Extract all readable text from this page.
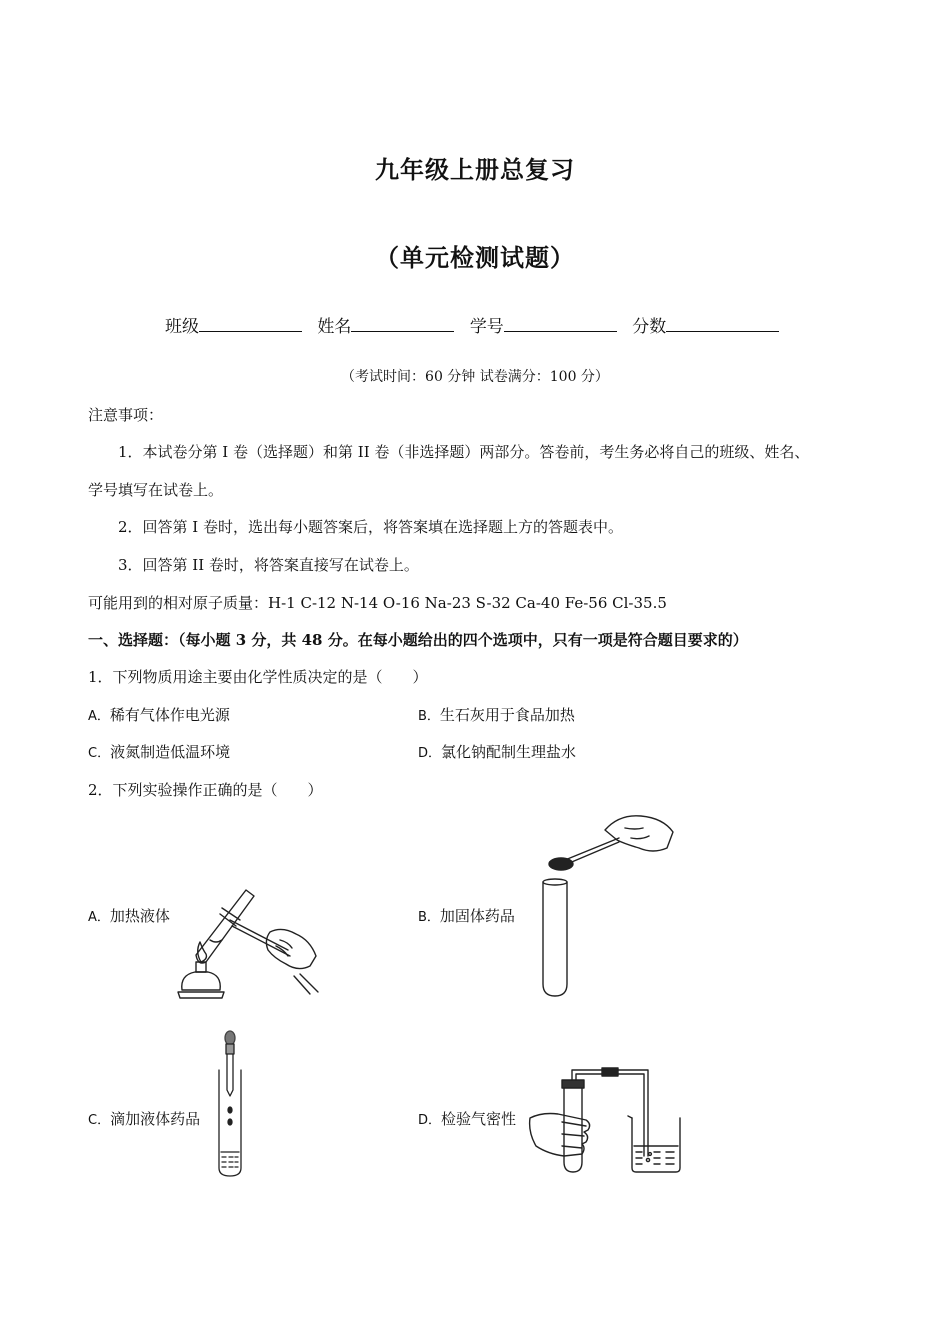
九年级上册总复习
（单元检测试题）
班级	姓名	学号	分数
（考试时间：60 分钟 试卷满分：100 分）
注意事项：
1．本试卷分第 I 卷（选择题）和第 II 卷（非选择题）两部分。答卷前，考生务必将自己的班级、姓名、
学号填写在试卷上。
2．回答第 I 卷时，选出每小题答案后，将答案填在选择题上方的答题表中。
3．回答第 II 卷时，将答案直接写在试卷上。
可能用到的相对原子质量：H-1 C-12 N-14 O-16 Na-23 S-32 Ca-40 Fe-56 Cl-35.5
一、选择题：（每小题 3 分，共 48 分。在每小题给出的四个选项中，只有一项是符合题目要求的）
1．下列物质用途主要由化学性质决定的是（　　）
A．稀有气体作电光源	B．生石灰用于食品加热
C．液氮制造低温环境	D．氯化钠配制生理盐水
2．下列实验操作正确的是（　　）
A．加热液体	B．加固体药品
C．滴加液体药品	D．检验气密性
